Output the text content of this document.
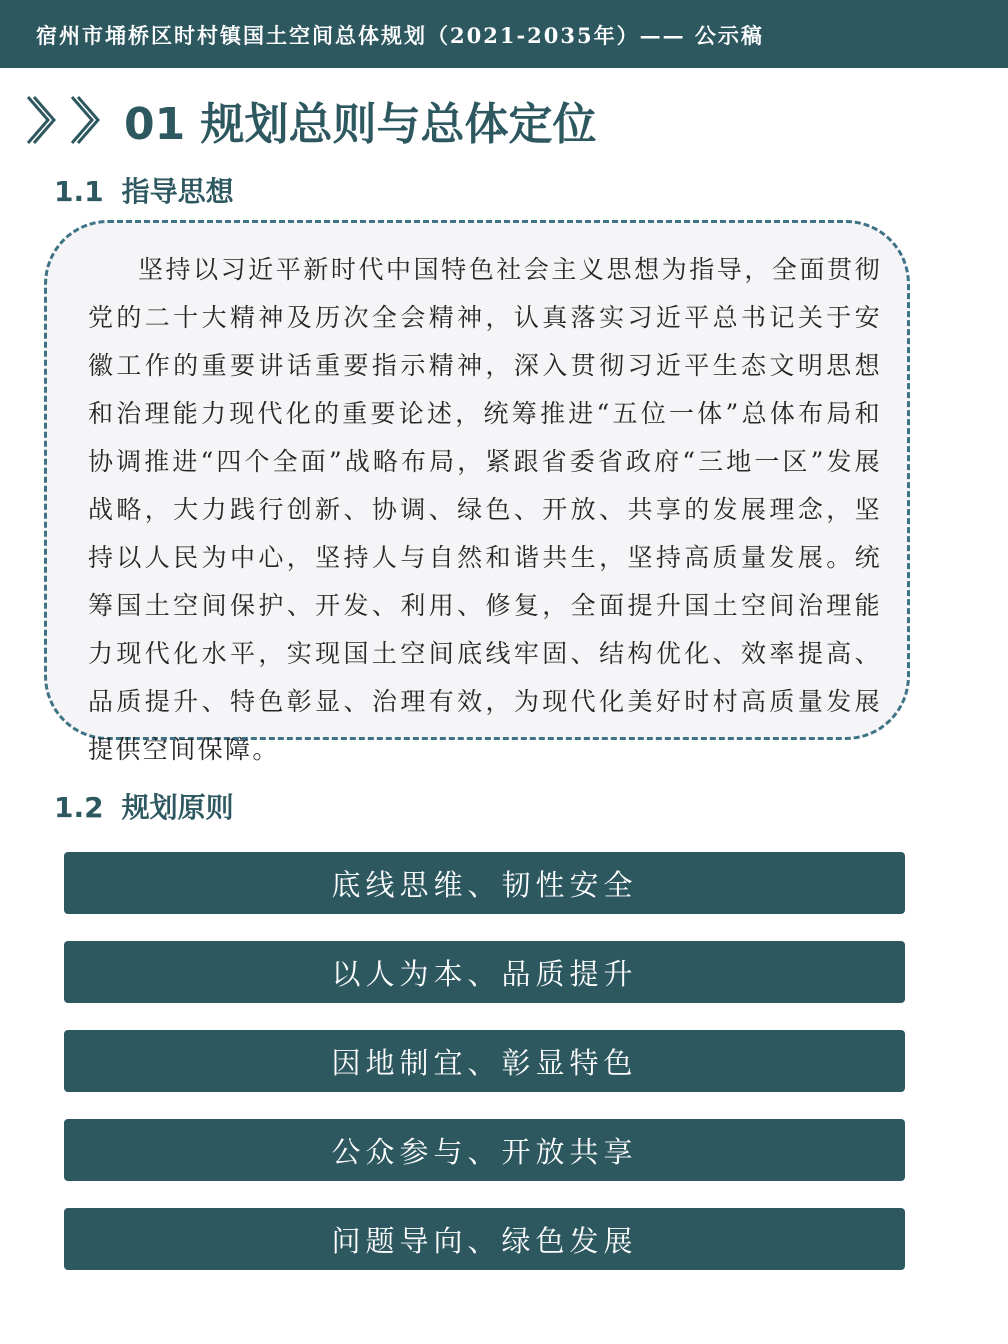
宿州市埇桥区时村镇国土空间总体规划（2021-2035年）—— 公示稿
01 规划总则与总体定位
1.1 指导思想

坚持以习近平新时代中国特色社会主义思想为指导，全面贯彻党的二十大精神及历次全会精神，认真落实习近平总书记关于安徽工作的重要讲话重要指示精神，深入贯彻习近平生态文明思想和治理能力现代化的重要论述，统筹推进“五位一体”总体布局和协调推进“四个全面”战略布局，紧跟省委省政府“三地一区”发展战略，大力践行创新、协调、绿色、开放、共享的发展理念，坚持以人民为中心，坚持人与自然和谐共生，坚持高质量发展。统筹国土空间保护、开发、利用、修复，全面提升国土空间治理能力现代化水平，实现国土空间底线牢固、结构优化、效率提高、品质提升、特色彰显、治理有效，为现代化美好时村高质量发展提供空间保障。

1.2 规划原则
底线思维、韧性安全
以人为本、品质提升
因地制宜、彰显特色
公众参与、开放共享
问题导向、绿色发展
